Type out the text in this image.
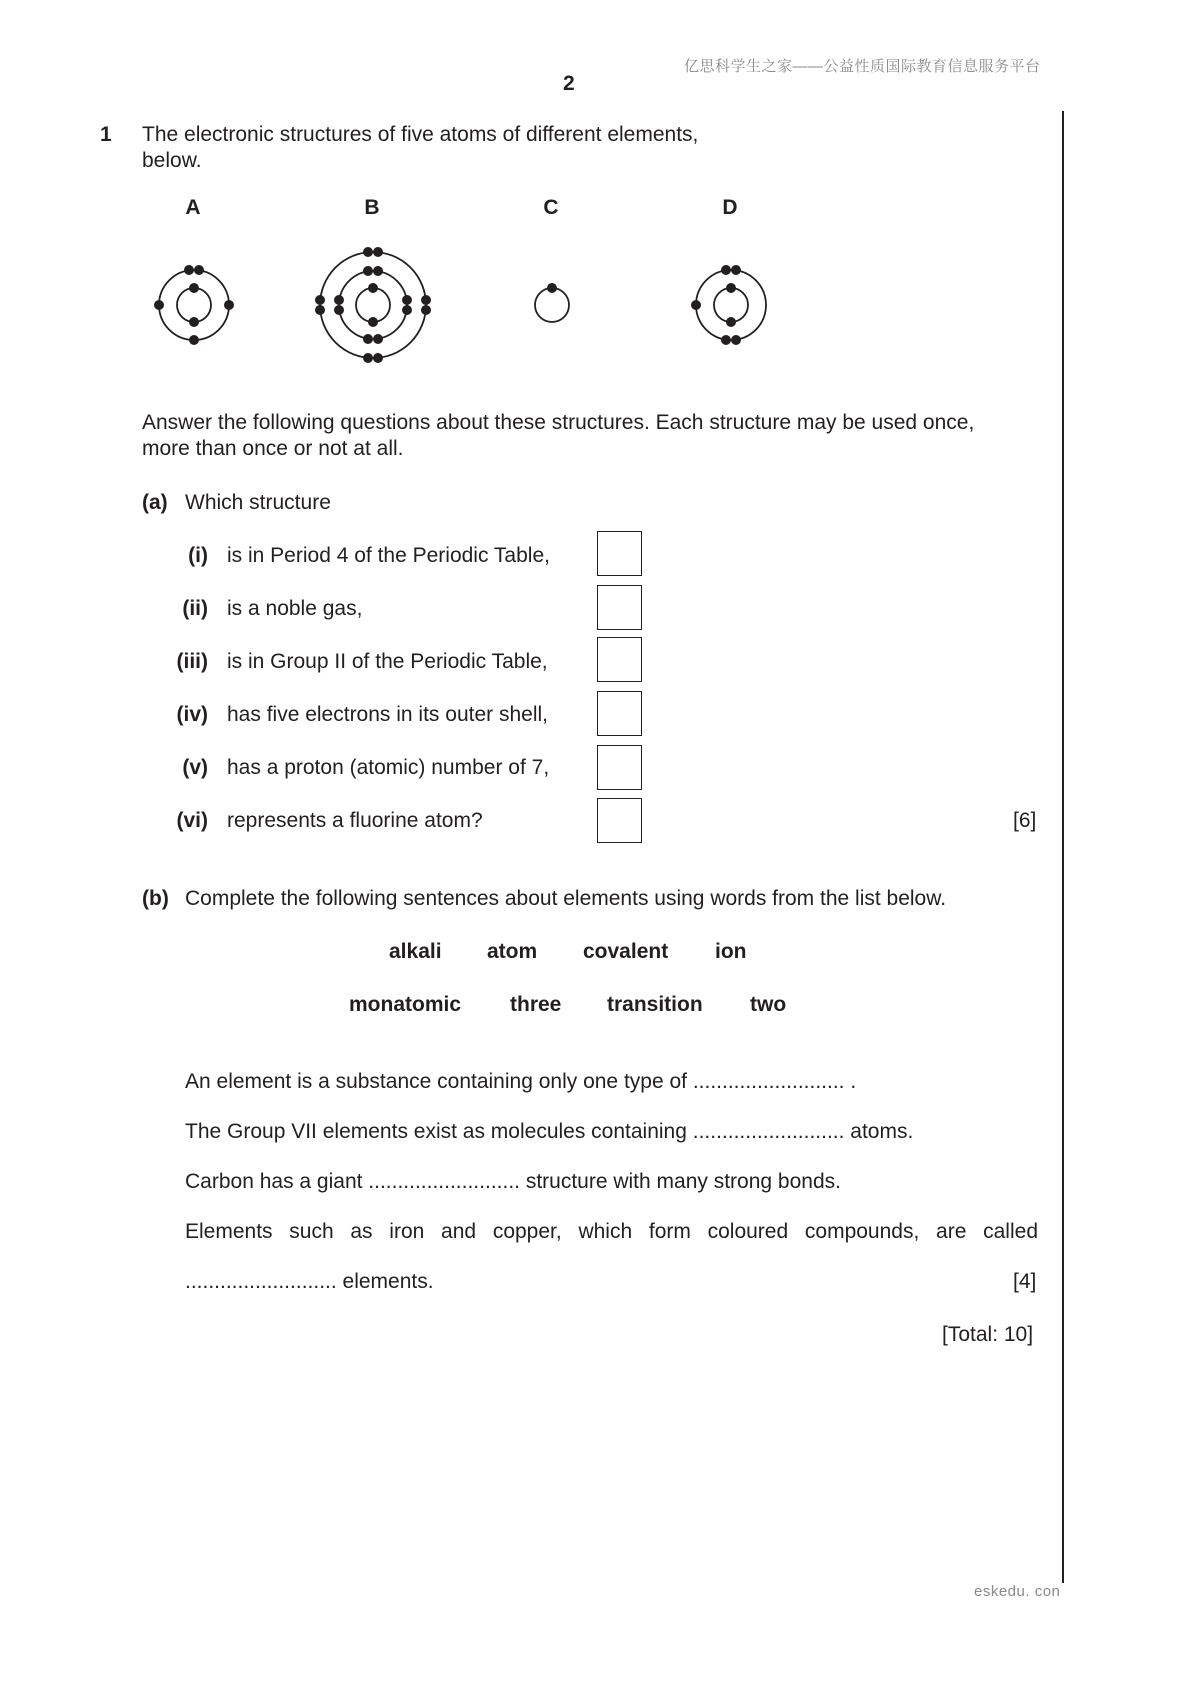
亿思科学生之家——公益性质国际教育信息服务平台
2
1 The electronic structures of five atoms of different elements,
below.
A	B	C	D
Answer the following questions about these structures. Each structure may be used once,
more than once or not at all.
(a) Which structure
(i) is in Period 4 of the Periodic Table,
(ii) is a noble gas,
(iii) is in Group II of the Periodic Table,
(iv) has five electrons in its outer shell,
(v) has a proton (atomic) number of 7,
(vi) represents a fluorine atom?	[6]
(b) Complete the following sentences about elements using words from the list below.
alkali atom covalent ion
monatomic three transition two
An element is a substance containing only one type of .......................... .
The Group VII elements exist as molecules containing .......................... atoms.
Carbon has a giant .......................... structure with many strong bonds.
Elements such as iron and copper, which form coloured compounds, are called
.......................... elements.	[4]
[Total: 10]
eskedu. con
